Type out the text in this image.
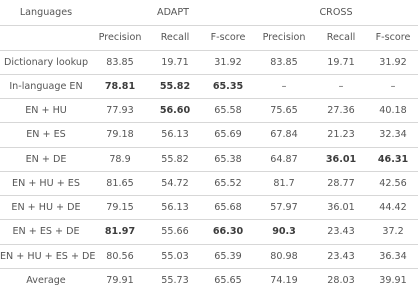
Languages	ADAPT			CROSS		
	Precision	Recall	F-score	Precision	Recall	F-score
Dictionary lookup	83.85	19.71	31.92	83.85	19.71	31.92
In-language EN	78.81	55.82	65.35	–	–	–
EN + HU	77.93	56.60	65.58	75.65	27.36	40.18
EN + ES	79.18	56.13	65.69	67.84	21.23	32.34
EN + DE	78.9	55.82	65.38	64.87	36.01	46.31
EN + HU + ES	81.65	54.72	65.52	81.7	28.77	42.56
EN + HU + DE	79.15	56.13	65.68	57.97	36.01	44.42
EN + ES + DE	81.97	55.66	66.30	90.3	23.43	37.2
EN + HU + ES + DE	80.56	55.03	65.39	80.98	23.43	36.34
Average	79.91	55.73	65.65	74.19	28.03	39.91
